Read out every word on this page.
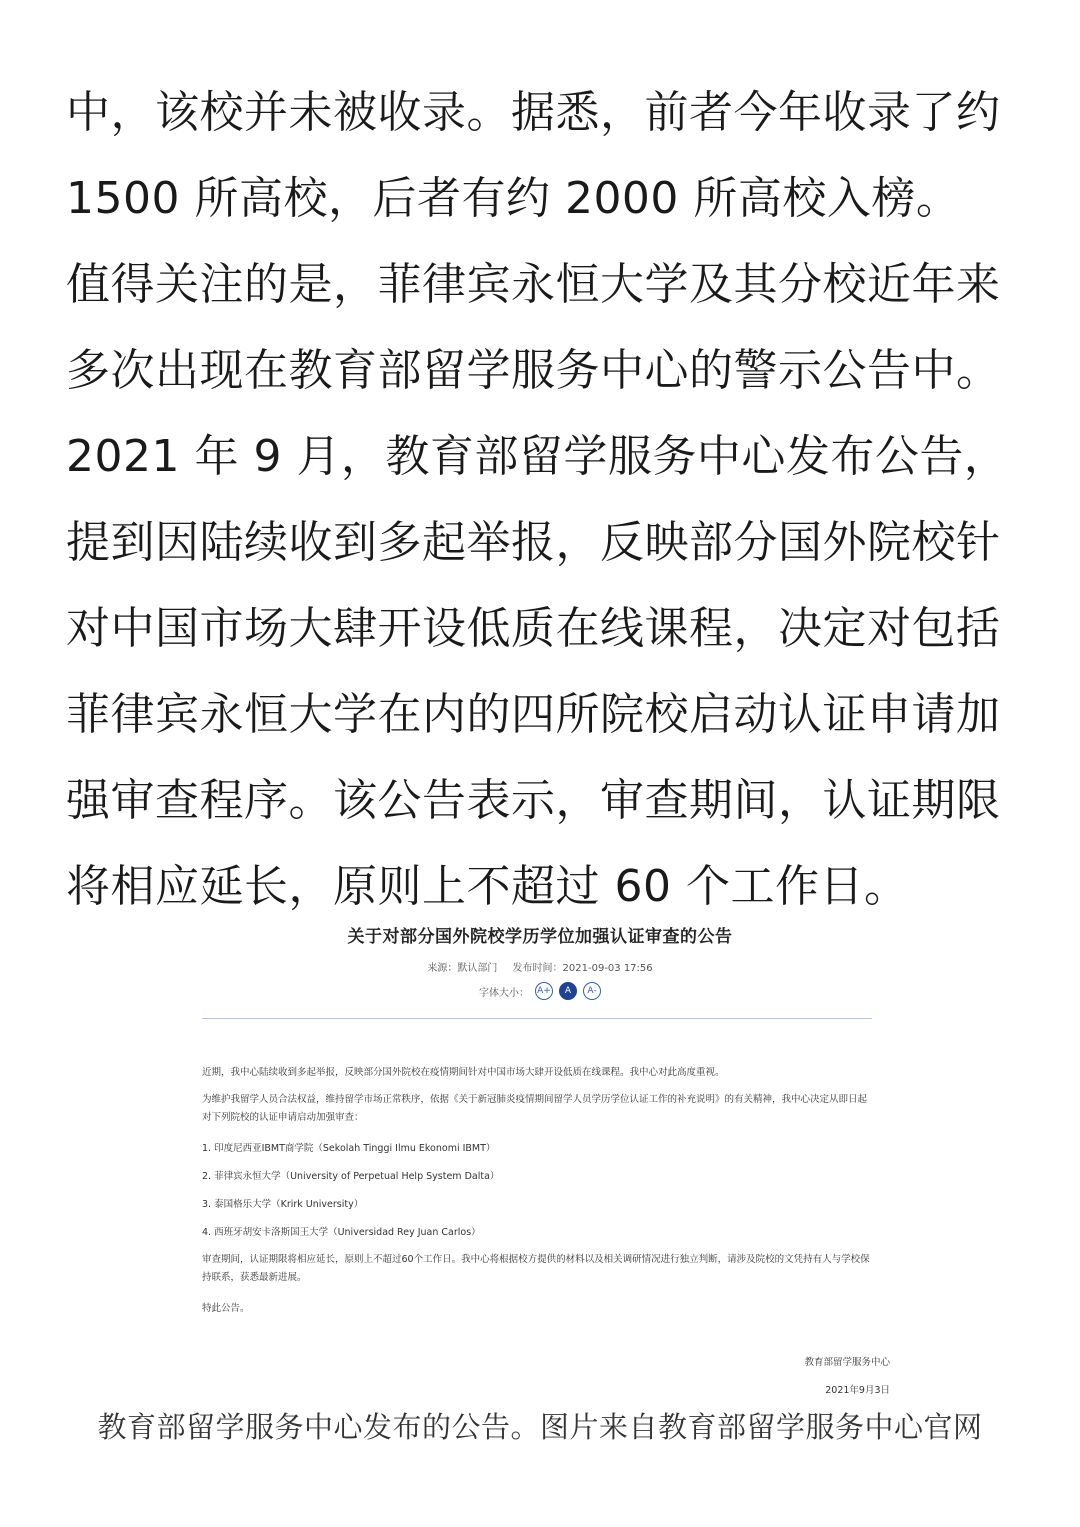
中，该校并未被收录。据悉，前者今年收录了约

1500 所高校，后者有约 2000 所高校入榜。

值得关注的是，菲律宾永恒大学及其分校近年来

多次出现在教育部留学服务中心的警示公告中。

2021 年 9 月，教育部留学服务中心发布公告，

提到因陆续收到多起举报，反映部分国外院校针

对中国市场大肆开设低质在线课程，决定对包括

菲律宾永恒大学在内的四所院校启动认证申请加

强审查程序。该公告表示，审查期间，认证期限

将相应延长，原则上不超过 60 个工作日。

关于对部分国外院校学历学位加强认证审查的公告
来源：默认部门 发布时间：2021-09-03 17:56
字体大小： A+	A	A-
近期，我中心陆续收到多起举报，反映部分国外院校在疫情期间针对中国市场大肆开设低质在线课程。我中心对此高度重视。
为维护我留学人员合法权益，维持留学市场正常秩序，依据《关于新冠肺炎疫情期间留学人员学历学位认证工作的补充说明》的有关精神，我中心决定从即日起
对下列院校的认证申请启动加强审查：
1. 印度尼西亚IBMT商学院（Sekolah Tinggi Ilmu Ekonomi IBMT）
2. 菲律宾永恒大学（University of Perpetual Help System Dalta）
3. 泰国格乐大学（Krirk University）
4. 西班牙胡安卡洛斯国王大学（Universidad Rey Juan Carlos）
审查期间，认证期限将相应延长，原则上不超过60个工作日。我中心将根据校方提供的材料以及相关调研情况进行独立判断，请涉及院校的文凭持有人与学校保
持联系，获悉最新进展。
特此公告。
教育部留学服务中心
2021年9月3日
教育部留学服务中心发布的公告。图片来自教育部留学服务中心官网
